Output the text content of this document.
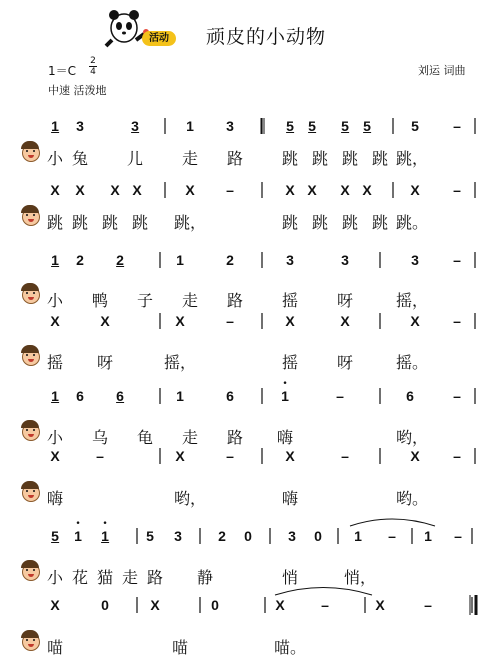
活动	顽皮的小动物
1＝C
2
4
中速 活泼地
刘运 词曲
1 3	3	1 3	5 5 5 5	5 –
小 兔 儿 走 路 跳 跳 跳 跳 跳，
X X X X	X –	X X X X	X –
跳 跳 跳 跳 跳，	跳 跳 跳 跳 跳。
1 2 2	1	2	3	3	3 –
小 鸭 子 走 路 摇 呀	摇，
X	X	X	–	X	X	X –
摇 呀	摇，	摇 呀	摇。
1 6 6	1	6	1
•
–	6	–
小 乌 龟 走 路 嗨	哟，
X	–	X	–	X	–	X –
嗨	哟，	嗨	哟。
5 1
•
1
•
5 3	2 0	3 0 1 – 1 –
小 花 猫 走 路 静	悄	悄，
X	0	X	0	X	–	X	–
喵	喵	喵。
